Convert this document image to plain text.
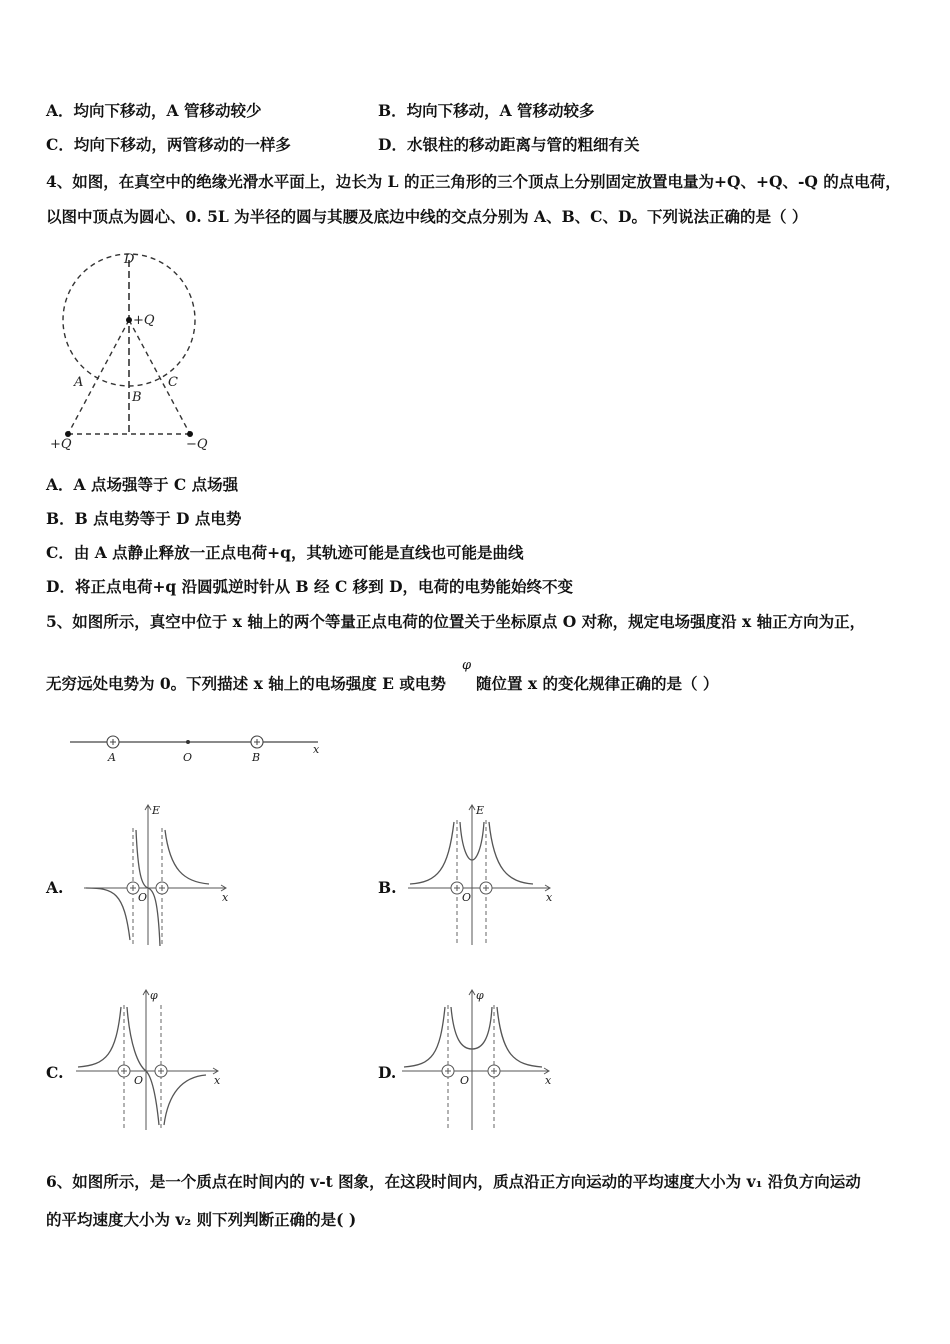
A．均向下移动，A 管移动较少	B．均向下移动，A 管移动较多
C．均向下移动，两管移动的一样多	D．水银柱的移动距离与管的粗细有关
4、如图，在真空中的绝缘光滑水平面上，边长为 L 的正三角形的三个顶点上分别固定放置电量为+Q、+Q、-Q 的点电荷，
以图中顶点为圆心、0. 5L 为半径的圆与其腰及底边中线的交点分别为 A、B、C、D。下列说法正确的是（ ）
D
+Q
A
B
C
+Q	−Q
A．A 点场强等于 C 点场强
B．B 点电势等于 D 点电势
C．由 A 点静止释放一正点电荷+q，其轨迹可能是直线也可能是曲线
D．将正点电荷+q 沿圆弧逆时针从 B 经 C 移到 D，电荷的电势能始终不变
5、如图所示，真空中位于 x 轴上的两个等量正点电荷的位置关于坐标原点 O 对称，规定电场强度沿 x 轴正方向为正，
无穷远处电势为 0。下列描述 x 轴上的电场强度 E 或电势
φ
随位置 x 的变化规律正确的是（ ）
A	O	B
x
A.
E
O	x
B.
E
O	x
C.
φ
O	x	D.
φ
O	x
6、如图所示，是一个质点在时间内的 v-t 图象，在这段时间内，质点沿正方向运动的平均速度大小为 v₁ 沿负方向运动
的平均速度大小为 v₂ 则下列判断正确的是( )
